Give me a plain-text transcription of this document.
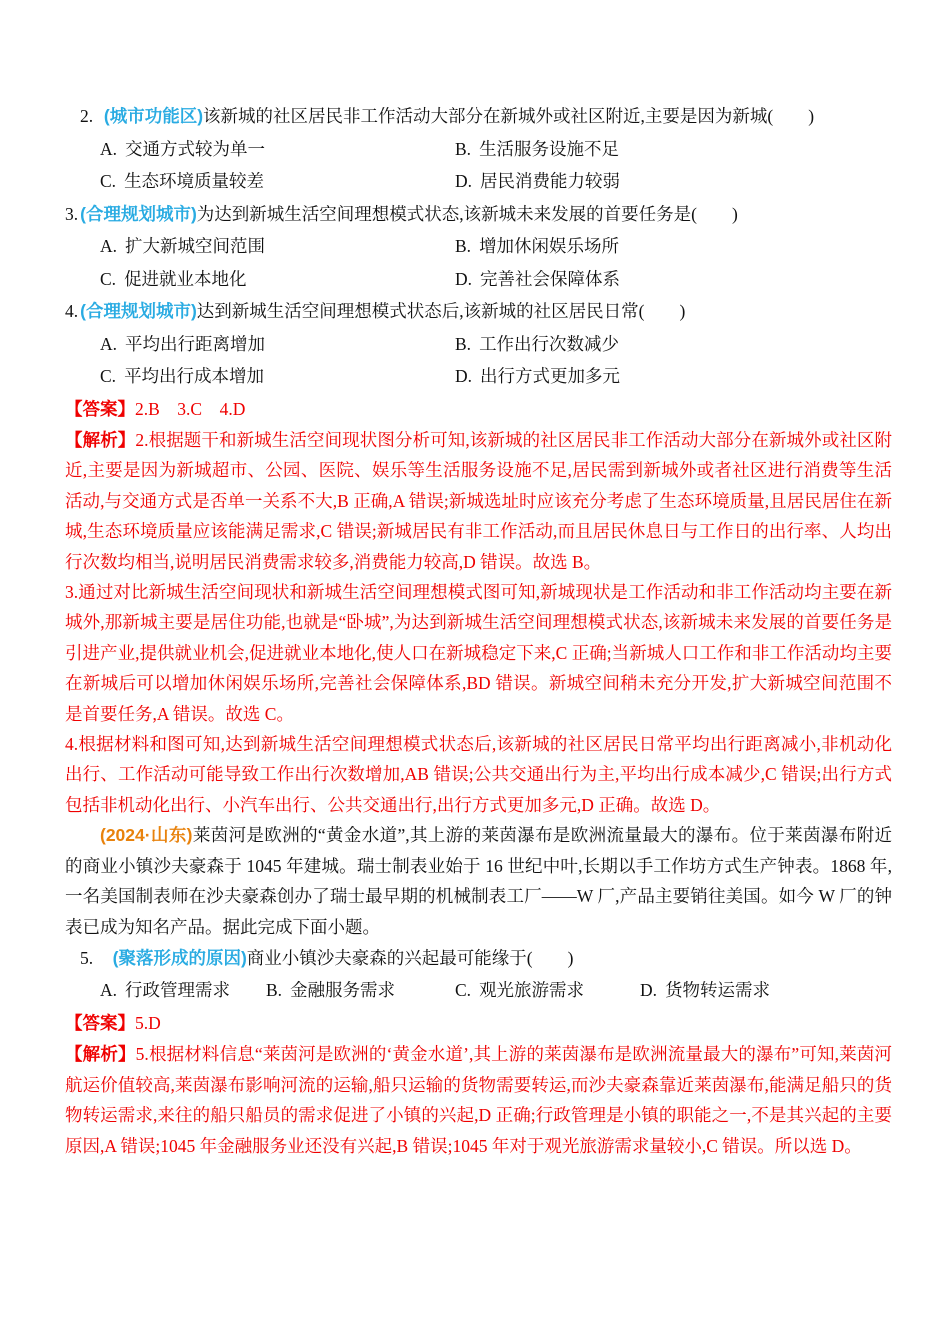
2.  (城市功能区)该新城的社区居民非工作活动大部分在新城外或社区附近,主要是因为新城(　　)
A. 交通方式较为单一	B. 生活服务设施不足
C. 生态环境质量较差	D. 居民消费能力较弱
3. (合理规划城市)为达到新城生活空间理想模式状态,该新城未来发展的首要任务是(　　)
A. 扩大新城空间范围	B. 增加休闲娱乐场所
C. 促进就业本地化	D. 完善社会保障体系
4. (合理规划城市)达到新城生活空间理想模式状态后,该新城的社区居民日常(　　)
A. 平均出行距离增加	B. 工作出行次数减少
C. 平均出行成本增加	D. 出行方式更加多元
【答案】2.B　3.C　4.D

【解析】2.根据题干和新城生活空间现状图分析可知,该新城的社区居民非工作活动大部分在新城外或社区附近,主要是因为新城超市、公园、医院、娱乐等生活服务设施不足,居民需到新城外或者社区进行消费等生活活动,与交通方式是否单一关系不大,B 正确,A 错误;新城选址时应该充分考虑了生态环境质量,且居民居住在新城,生态环境质量应该能满足需求,C 错误;新城居民有非工作活动,而且居民休息日与工作日的出行率、人均出行次数均相当,说明居民消费需求较多,消费能力较高,D 错误。故选 B。

3.通过对比新城生活空间现状和新城生活空间理想模式图可知,新城现状是工作活动和非工作活动均主要在新城外,那新城主要是居住功能,也就是“卧城”,为达到新城生活空间理想模式状态,该新城未来发展的首要任务是引进产业,提供就业机会,促进就业本地化,使人口在新城稳定下来,C 正确;当新城人口工作和非工作活动均主要在新城后可以增加休闲娱乐场所,完善社会保障体系,BD 错误。新城空间稍未充分开发,扩大新城空间范围不是首要任务,A 错误。故选 C。

4.根据材料和图可知,达到新城生活空间理想模式状态后,该新城的社区居民日常平均出行距离减小,非机动化出行、工作活动可能导致工作出行次数增加,AB 错误;公共交通出行为主,平均出行成本减少,C 错误;出行方式包括非机动化出行、小汽车出行、公共交通出行,出行方式更加多元,D 正确。故选 D。

(2024·山东)莱茵河是欧洲的“黄金水道”,其上游的莱茵瀑布是欧洲流量最大的瀑布。位于莱茵瀑布附近的商业小镇沙夫豪森于 1045 年建城。瑞士制表业始于 16 世纪中叶,长期以手工作坊方式生产钟表。1868 年,一名美国制表师在沙夫豪森创办了瑞士最早期的机械制表工厂——W 厂,产品主要销往美国。如今 W 厂的钟表已成为知名产品。据此完成下面小题。

5.  (聚落形成的原因)商业小镇沙夫豪森的兴起最可能缘于(　　)
A. 行政管理需求	B. 金融服务需求	C. 观光旅游需求	D. 货物转运需求
【答案】5.D

【解析】5.根据材料信息“莱茵河是欧洲的‘黄金水道’,其上游的莱茵瀑布是欧洲流量最大的瀑布”可知,莱茵河航运价值较高,莱茵瀑布影响河流的运输,船只运输的货物需要转运,而沙夫豪森靠近莱茵瀑布,能满足船只的货物转运需求,来往的船只船员的需求促进了小镇的兴起,D 正确;行政管理是小镇的职能之一,不是其兴起的主要原因,A 错误;1045 年金融服务业还没有兴起,B 错误;1045 年对于观光旅游需求量较小,C 错误。所以选 D。
